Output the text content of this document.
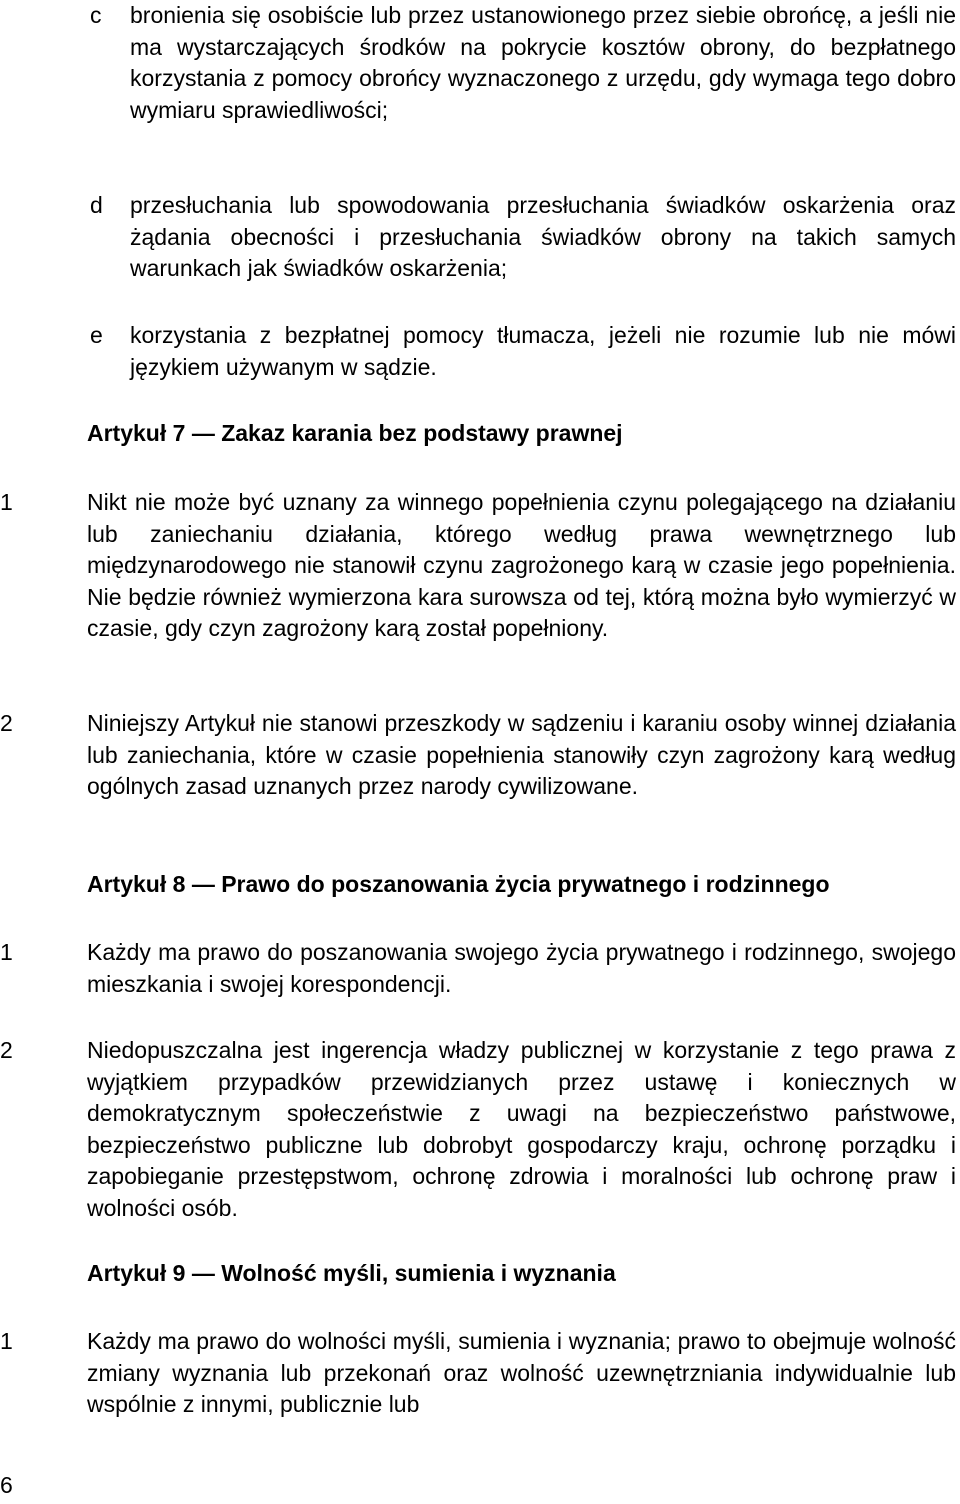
c bronienia się osobiście lub przez ustanowionego przez siebie obrońcę, a jeśli nie ma wystarczających środków na pokrycie kosztów obrony, do bezpłatnego korzystania z pomocy obrońcy wyznaczonego z urzędu, gdy wymaga tego dobro wymiaru sprawiedliwości;
d przesłuchania lub spowodowania przesłuchania świadków oskarżenia oraz żądania obecności i przesłuchania świadków obrony na takich samych warunkach jak świadków oskarżenia;
e korzystania z bezpłatnej pomocy tłumacza, jeżeli nie rozumie lub nie mówi językiem używanym w sądzie.
Artykuł 7 — Zakaz karania bez podstawy prawnej
1	Nikt nie może być uznany za winnego popełnienia czynu polegającego na działaniu lub zaniechaniu działania, którego według prawa wewnętrznego lub międzynarodowego nie stanowił czynu zagrożonego karą w czasie jego popełnienia. Nie będzie również wymierzona kara surowsza od tej, którą można było wymierzyć w czasie, gdy czyn zagrożony karą został popełniony.
2	Niniejszy Artykuł nie stanowi przeszkody w sądzeniu i karaniu osoby winnej działania lub zaniechania, które w czasie popełnienia stanowiły czyn zagrożony karą według ogólnych zasad uznanych przez narody cywilizowane.
Artykuł 8 — Prawo do poszanowania życia prywatnego i rodzinnego
1	Każdy ma prawo do poszanowania swojego życia prywatnego i rodzinnego, swojego mieszkania i swojej korespondencji.
2	Niedopuszczalna jest ingerencja władzy publicznej w korzystanie z tego prawa z wyjątkiem przypadków przewidzianych przez ustawę i koniecznych w demokratycznym społeczeństwie z uwagi na bezpieczeństwo państwowe, bezpieczeństwo publiczne lub dobrobyt gospodarczy kraju, ochronę porządku i zapobieganie przestępstwom, ochronę zdrowia i moralności lub ochronę praw i wolności osób.
Artykuł 9 — Wolność myśli, sumienia i wyznania
1	Każdy ma prawo do wolności myśli, sumienia i wyznania; prawo to obejmuje wolność zmiany wyznania lub przekonań oraz wolność uzewnętrzniania indywidualnie lub wspólnie z innymi, publicznie lub
6
